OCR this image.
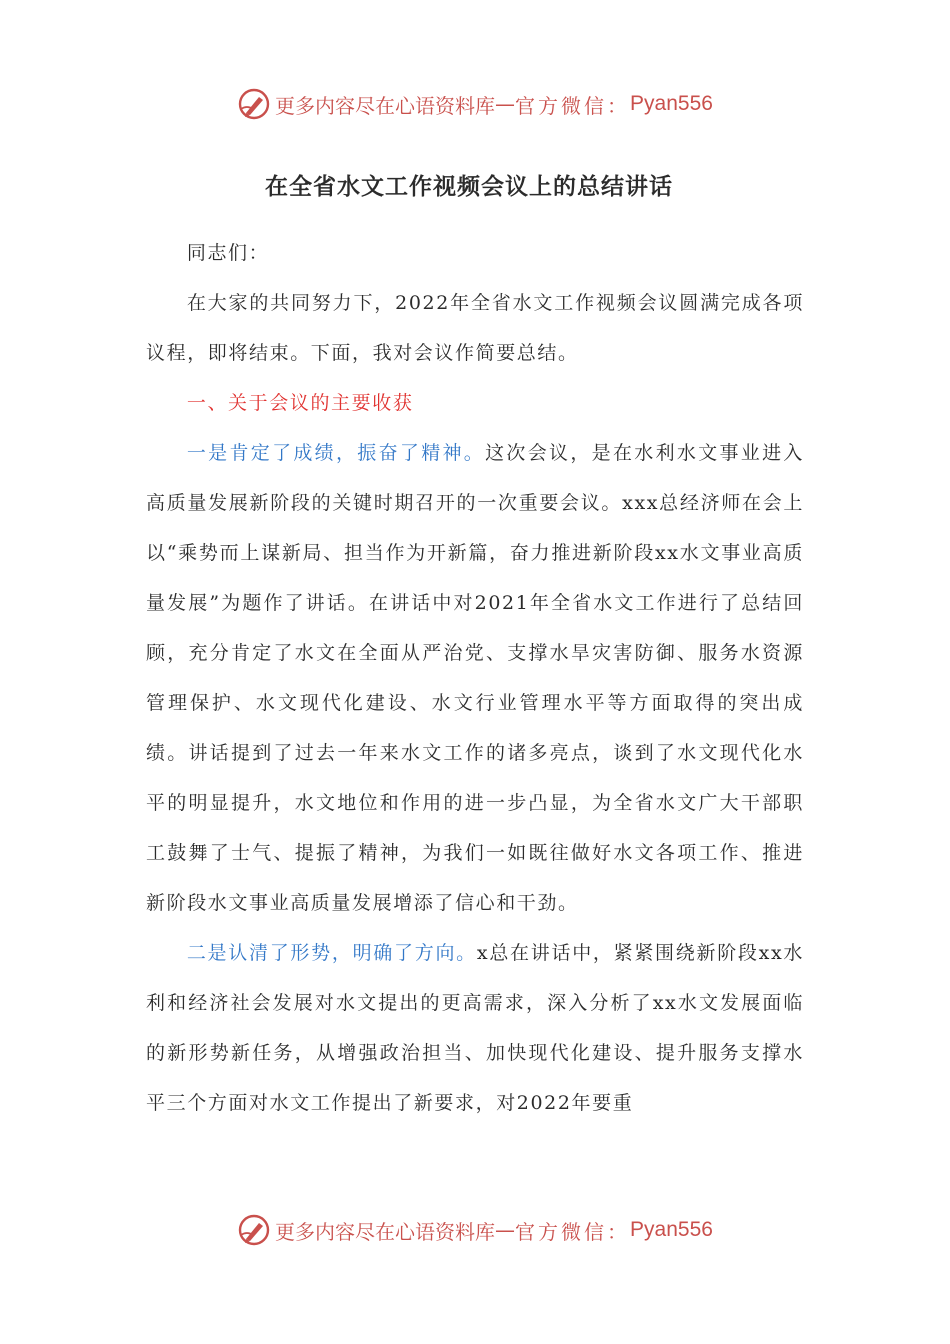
更多内容尽在心语资料库 — 官方微信： Pyan556
在全省水文工作视频会议上的总结讲话

同志们：

在大家的共同努力下，2022年全省水文工作视频会议圆满完成各项议程，即将结束。下面，我对会议作简要总结。

一、关于会议的主要收获

一是肯定了成绩，振奋了精神。这次会议，是在水利水文事业进入高质量发展新阶段的关键时期召开的一次重要会议。xxx总经济师在会上以“乘势而上谋新局、担当作为开新篇，奋力推进新阶段xx水文事业高质量发展”为题作了讲话。在讲话中对2021年全省水文工作进行了总结回顾，充分肯定了水文在全面从严治党、支撑水旱灾害防御、服务水资源管理保护、水文现代化建设、水文行业管理水平等方面取得的突出成绩。讲话提到了过去一年来水文工作的诸多亮点，谈到了水文现代化水平的明显提升，水文地位和作用的进一步凸显，为全省水文广大干部职工鼓舞了士气、提振了精神，为我们一如既往做好水文各项工作、推进新阶段水文事业高质量发展增添了信心和干劲。

二是认清了形势，明确了方向。x总在讲话中，紧紧围绕新阶段xx水利和经济社会发展对水文提出的更高需求，深入分析了xx水文发展面临的新形势新任务，从增强政治担当、加快现代化建设、提升服务支撑水平三个方面对水文工作提出了新要求，对2022年要重

更多内容尽在心语资料库 — 官方微信： Pyan556
